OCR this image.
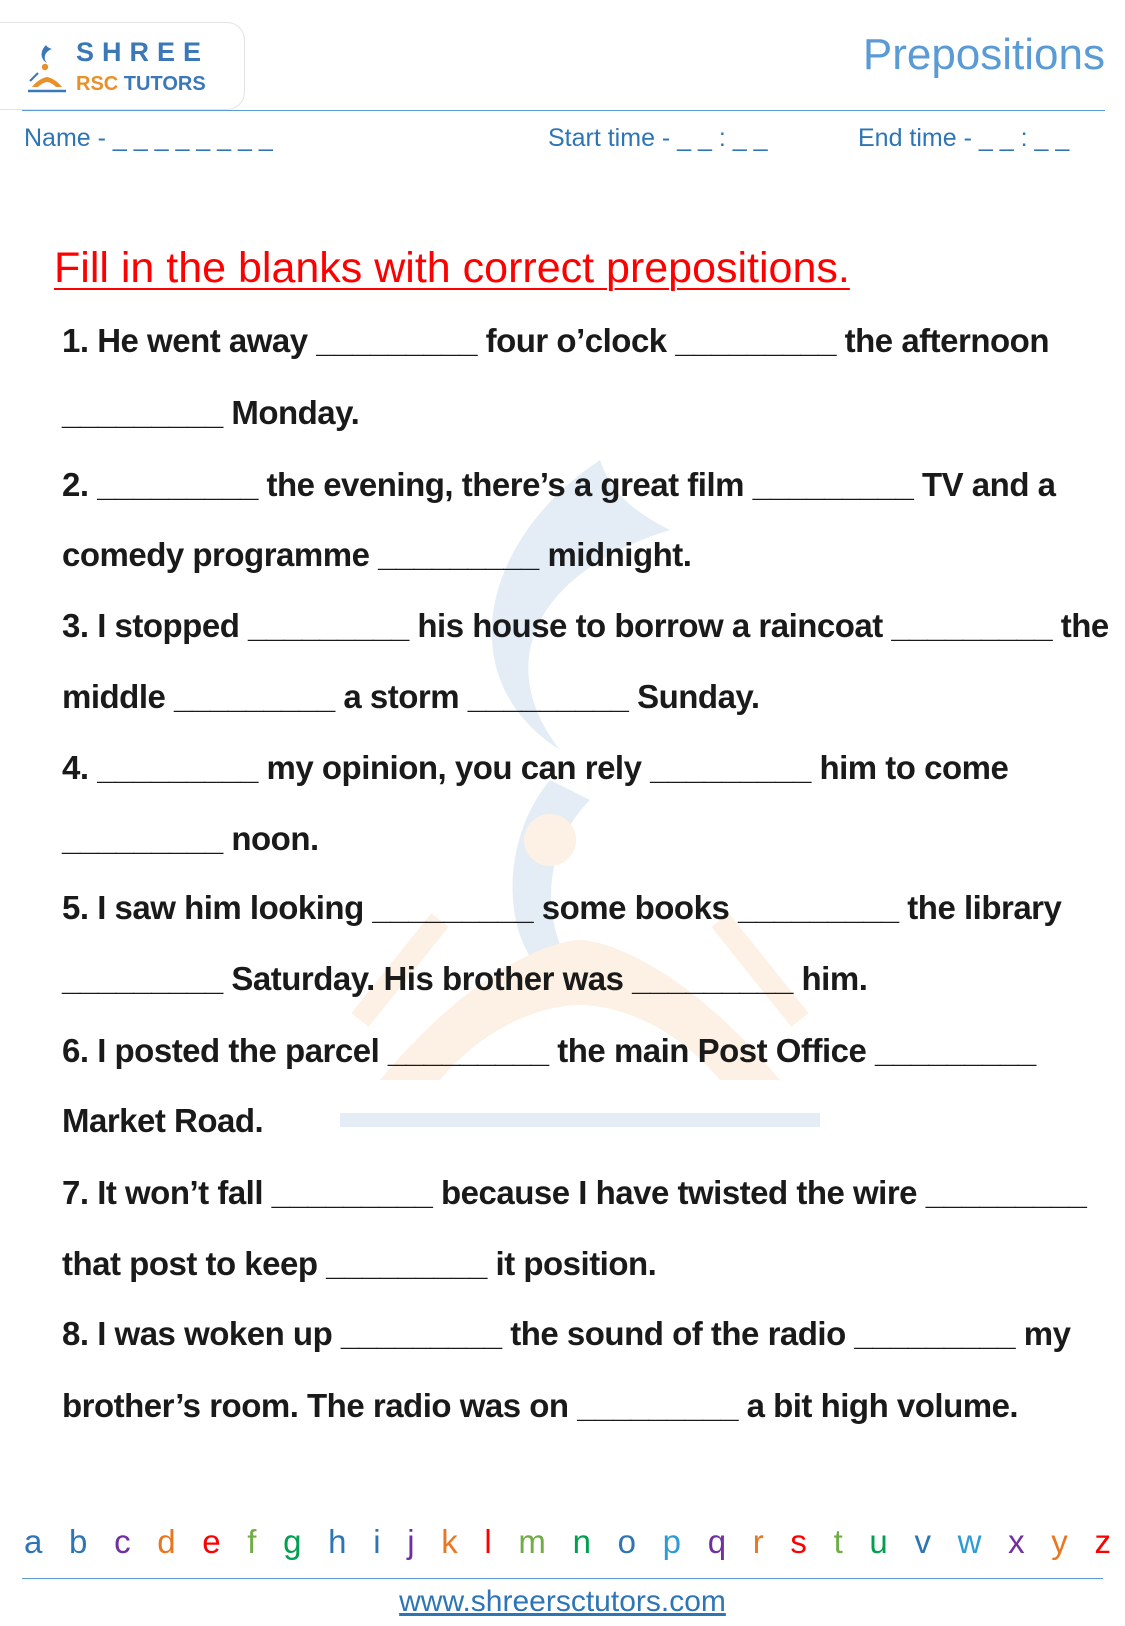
SHREE
RSC TUTORS
Prepositions
Name - _ _ _ _ _ _ _ _	Start time - _ _ : _ _	End time - _ _ : _ _
Fill in the blanks with correct prepositions.
1. He went away _________ four o’clock _________ the afternoon
_________ Monday.
2. _________ the evening, there’s a great film _________ TV and a
comedy programme _________ midnight.
3. I stopped _________ his house to borrow a raincoat _________ the
middle _________ a storm _________ Sunday.
4. _________ my opinion, you can rely _________ him to come
_________ noon.
5. I saw him looking _________ some books _________ the library
_________ Saturday. His brother was _________ him.
6. I posted the parcel _________ the main Post Office _________
Market Road.
7. It won’t fall _________ because I have twisted the wire _________
that post to keep _________ it position.
8. I was woken up _________ the sound of the radio _________ my
brother’s room. The radio was on _________ a bit high volume.
a b c d e f g h i j k l m n o p q r s t u v w x y z
www.shreersctutors.com
